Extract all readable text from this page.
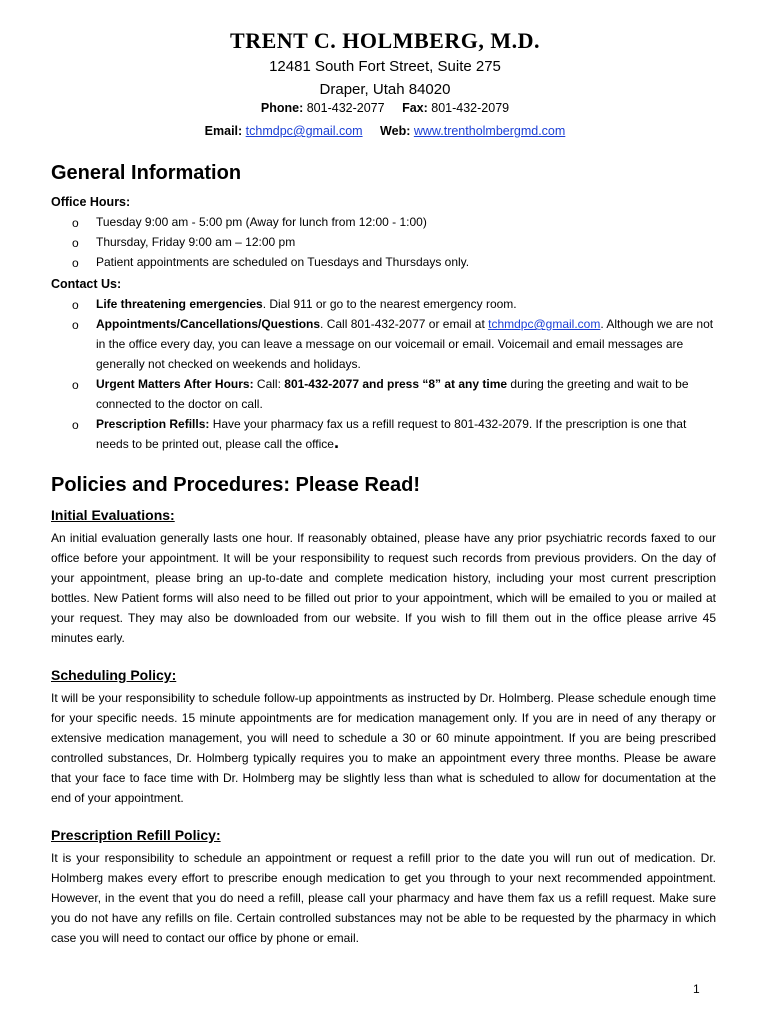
TRENT C. HOLMBERG, M.D.
12481 South Fort Street, Suite 275
Draper, Utah 84020
Phone: 801-432-2077 Fax: 801-432-2079
Email: tchmdpc@gmail.com Web: www.trentholmbergmd.com
General Information
Office Hours:
o Tuesday 9:00 am - 5:00 pm (Away for lunch from 12:00 - 1:00)
o Thursday, Friday 9:00 am – 12:00 pm
o Patient appointments are scheduled on Tuesdays and Thursdays only.
Contact Us:
o Life threatening emergencies. Dial 911 or go to the nearest emergency room.
o Appointments/Cancellations/Questions. Call 801-432-2077 or email at tchmdpc@gmail.com. Although we are not in the office every day, you can leave a message on our voicemail or email. Voicemail and email messages are generally not checked on weekends and holidays.
o Urgent Matters After Hours: Call: 801-432-2077 and press “8” at any time during the greeting and wait to be connected to the doctor on call.
o Prescription Refills: Have your pharmacy fax us a refill request to 801-432-2079. If the prescription is one that needs to be printed out, please call the office.
Policies and Procedures: Please Read!
Initial Evaluations:
An initial evaluation generally lasts one hour. If reasonably obtained, please have any prior psychiatric records faxed to our office before your appointment. It will be your responsibility to request such records from previous providers. On the day of your appointment, please bring an up-to-date and complete medication history, including your most current prescription bottles. New Patient forms will also need to be filled out prior to your appointment, which will be emailed to you or mailed at your request. They may also be downloaded from our website. If you wish to fill them out in the office please arrive 45 minutes early.
Scheduling Policy:
It will be your responsibility to schedule follow-up appointments as instructed by Dr. Holmberg. Please schedule enough time for your specific needs. 15 minute appointments are for medication management only. If you are in need of any therapy or extensive medication management, you will need to schedule a 30 or 60 minute appointment. If you are being prescribed controlled substances, Dr. Holmberg typically requires you to make an appointment every three months. Please be aware that your face to face time with Dr. Holmberg may be slightly less than what is scheduled to allow for documentation at the end of your appointment.
Prescription Refill Policy:
It is your responsibility to schedule an appointment or request a refill prior to the date you will run out of medication. Dr. Holmberg makes every effort to prescribe enough medication to get you through to your next recommended appointment. However, in the event that you do need a refill, please call your pharmacy and have them fax us a refill request. Make sure you do not have any refills on file. Certain controlled substances may not be able to be requested by the pharmacy in which case you will need to contact our office by phone or email.
1
